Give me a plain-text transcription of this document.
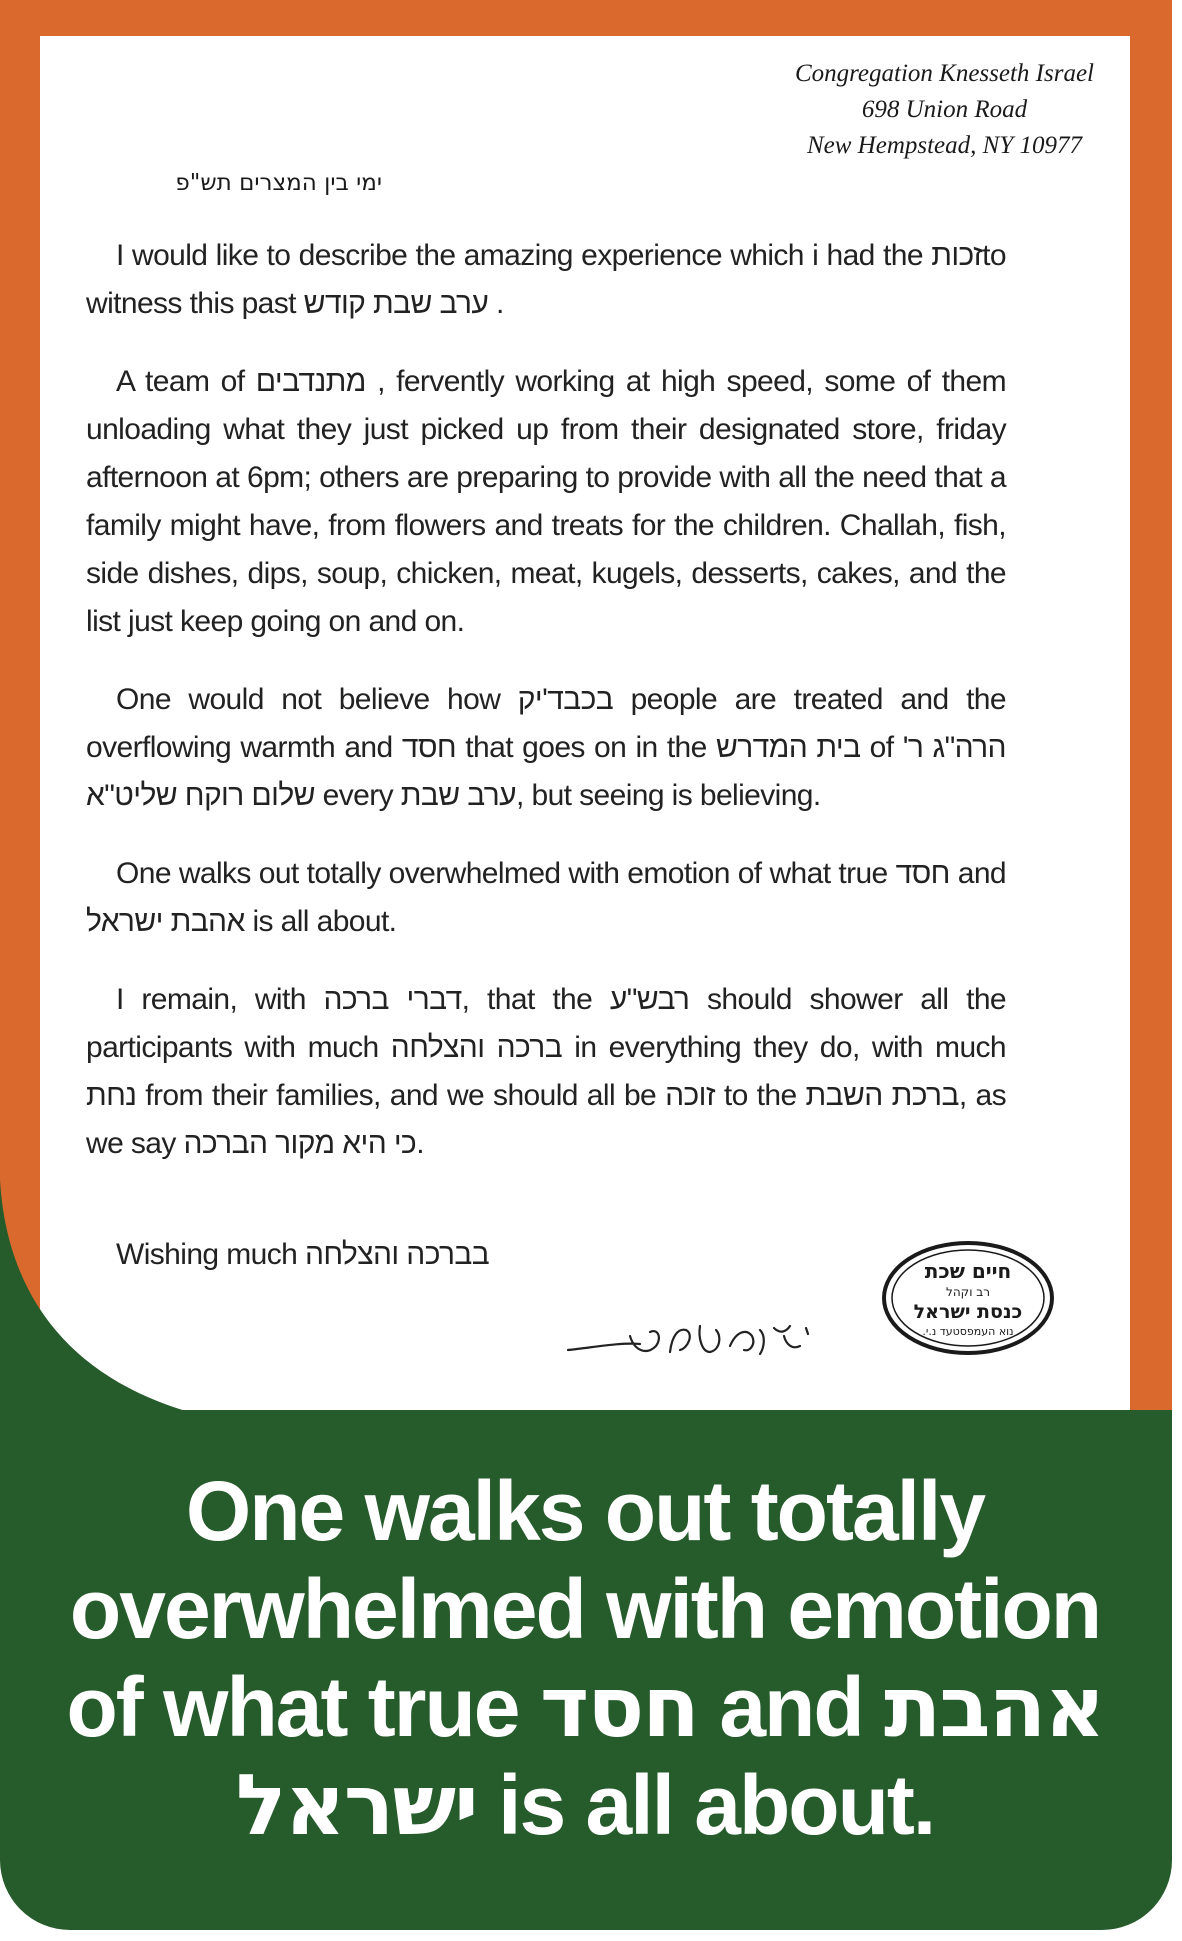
Congregation Knesseth Israel
698 Union Road
New Hempstead, NY 10977
ימי בין המצרים תש"פ

I would like to describe the amazing experience which i had the זכותto witness this past ערב שבת קודש .

A team of מתנדבים , fervently working at high speed, some of them unloading what they just picked up from their designated store, friday afternoon at 6pm; others are preparing to provide with all the need that a family might have, from flowers and treats for the children. Challah, fish, side dishes, dips, soup, chicken, meat, kugels, desserts, cakes, and the list just keep going on and on.

One would not believe how בכבד'יק people are treated and the overflowing warmth and חסד that goes on in the בית המדרש of הרה"ג ר' שלום רוקח שליט"א every ערב שבת, but seeing is believing.

One walks out totally overwhelmed with emotion of what true חסד and אהבת ישראל is all about.

I remain, with דברי ברכה, that the רבש"ע should shower all the participants with much ברכה והצלחה in everything they do, with much נחת from their families, and we should all be זוכה to the ברכת השבת, as we say כי היא מקור הברכה.

Wishing much בברכה והצלחה	חיים שכת
רב וקהל
כנסת ישראל
נוא העמפסטעד נ.י.
One walks out totally overwhelmed with emotion of what true חסד and אהבת ישראל is all about.
